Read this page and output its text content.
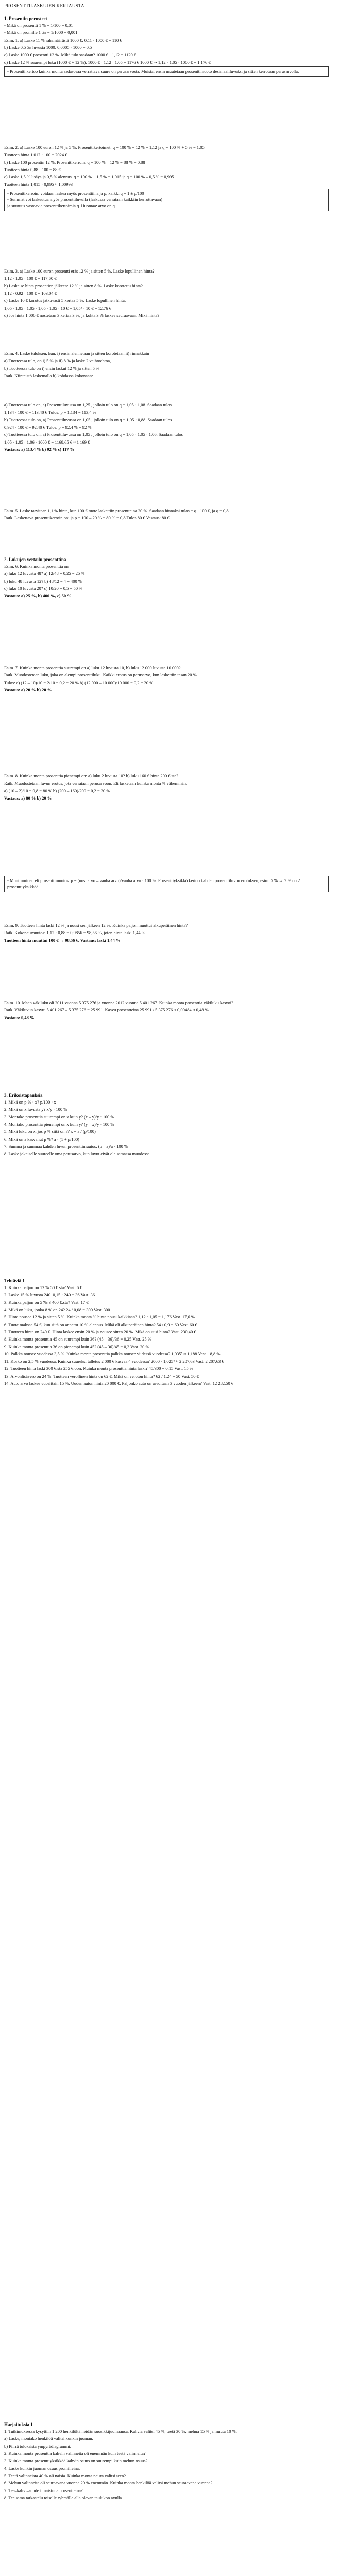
PROSENTTILASKUJEN KERTAUSTA
1. Prosentin perusteet
• Mikä on prosentti 1 % = 1/100 = 0,01
• Mikä on promille 1 ‰ = 1/1000 = 0,001
Esim. 1. a) Laske 11 % rahamäärästä 1000 €: 0,11 · 1000 € = 110 €
b) Laske 0,5 ‰ luvusta 1000: 0,0005 · 1000 = 0,5
c) Laske 1000 € prosentti 12 %. Mikä tulo saadaan? 1000 € · 1,12 = 1120 €
d) Laske 12 % suurempi luku (1000 € + 12 %). 1000 € · 1,12 · 1,05 = 1176 € 1000 € ⇒ 1,12 · 1,05 · 1000 € = 1 176 €
• Prosentti kertoo kuinka monta sadasosaa verrattava suure on perusarvosta. Muista: ensin muutetaan prosenttimuoto desimaaliluvuksi ja sitten kerrotaan perusarvolla.
Esim. 2. a) Laske 100 euron 12 % ja 5 %. Prosenttikertoimet: q = 100 % + 12 % = 1,12 ja q = 100 % + 5 % = 1,05
Tuotteen hinta 1 012 · 100 = 2024 €
b) Laske 100 prosentin 12 %. Prosenttikerroin: q = 100 % – 12 % = 88 % = 0,88
Tuotteen hinta 0,88 · 100 = 88 €
c) Laske 1,5 % lisäys ja 0,5 % alennus. q = 100 % + 1,5 % = 1,015 ja q = 100 % – 0,5 % = 0,995
Tuotteen hinta 1,015 · 0,995 ≈ 1,00993
• Prosenttikerroin: voidaan laskea myös prosenttiina ja p, kaikki q = 1 ± p/100
• Summat voi laskeutua myös prosenttiluvulla (laskussa verrataan kaikkiin kerrottavaan)
ja suuruus vastaavia prosenttikertoimia q. Huomaa: arvo on q.
Esim. 3. a) Laske 100 euron prosentti eräs 12 % ja sitten 5 %. Laske lopullinen hinta?
1,12 · 1,05 · 100 € = 117,60 €
b) Laske se hinta prosentien jälkeen: 12 % ja sitten 8 %. Laske korotettu hinta?
1,12 · 0,92 · 100 € = 103,04 €
c) Laske 10 € korotus jatkuvasti 5 kertaa 5 %. Laske lopullinen hinta:
1,05 · 1,05 · 1,05 · 1,05 · 1,05 · 10 € = 1,05⁵ · 10 € = 12,76 €
d) Jos hinta 1 000 € nostetaan 3 kertaa 3 %, ja kohta 3 % laskee seuraavaan. Mikä hinta?
Esim. 4. Laske tuloksen, kun: i) ensin alennetaan ja sitten korotetaan ii) rinnakkain
a) Tuotteessa tulo, on i) 5 % ja ii) 8 % ja laske 2 vaihtoehtoa,
b) Tuotteessa tulo on i) ensin laskut 12 % ja sitten 5 %
Ratk. Kiinteistö laskemalla b) kohdassa kokonaan:
a) Tuotteessa tulo on, a) Prosenttiluvussa on 1,25 , jolloin tulo on q = 1,05 · 1,08. Saadaan tulos
1,134 · 100 € = 113,40 € Tulos: p = 1,134 = 113,4 %
b) Tuotteessa tulo on, a) Prosenttiluvussa on 1,05 , jolloin tulo on q = 1,05 · 0,88. Saadaan tulos
0,924 · 100 € = 92,40 € Tulos: p = 92,4 % = 92 %
c) Tuotteessa tulo on, a) Prosenttiluvussa on 1,05 , jolloin tulo on q = 1,05 · 1,05 · 1,06. Saadaan tulos
1,05 · 1,05 · 1,06 · 1000 € = 1168,65 € ≈ 1 169 €
Vastaus: a) 113,4 % b) 92 % c) 117 %
Esim. 5. Laske tarvitaan 1,1 % hinta, kun 100 € tuote laskettiin prosentteina 20 %. Saadaan hinnaksi tulos = q · 100 €, ja q = 0,8
Ratk. Laskettava prosenttikerroin on: ja p = 100 – 20 % = 80 % = 0,8 Tulos 80 € Vastaus: 80 €
2. Lukujen vertailu prosenttina
Esim. 6. Kuinka monta prosenttia on
a) luku 12 luvusta 48? a) 12/48 = 0,25 = 25 %
b) luku 48 luvusta 12? b) 48/12 = 4 = 400 %
c) luku 10 luvusta 20? c) 10/20 = 0,5 = 50 %
Vastaus: a) 25 %, b) 400 %, c) 50 %
Esim. 7. Kuinka monta prosenttia suurempi on a) luku 12 luvusta 10, b) luku 12 000 luvusta 10 000?
Ratk. Muodostetaan luku, joka on alempi prosenttiluku. Kaikki erotus on perusarvo, kun laskettiin tasan 20 %.
Tulos: a) (12 – 10)/10 = 2/10 = 0,2 = 20 % b) (12 000 – 10 000)/10 000 = 0,2 = 20 %
Vastaus: a) 20 % b) 20 %
Esim. 8. Kuinka monta prosenttia pienempi on: a) luku 2 luvusta 10? b) luku 160 € hinta 200 €:sta?
Ratk. Muodostetaan luvun erotus, jota verrataan perusarvoon. Eli lasketaan kuinka monta % vähemmän.
a) (10 – 2)/10 = 0,8 = 80 % b) (200 – 160)/200 = 0,2 = 20 %
Vastaus: a) 80 % b) 20 %
• Muuttuminen eli prosenttimuutos: p = (uusi arvo – vanha arvo)/vanha arvo · 100 %. Prosenttiyksikkö kertoo kahden prosenttiluvun erotuksen, esim. 5 % → 7 % on 2 prosenttiyksikköä.
Esim. 9. Tuotteen hinta laski 12 % ja nousi sen jälkeen 12 %. Kuinka paljon muuttui alkuperäinen hinta?
Ratk. Kokonaismuutos: 1,12 · 0,88 = 0,9856 = 98,56 %, joten hinta laski 1,44 %.
Tuotteen hinta muuttui 100 € → 98,56 €. Vastaus: laski 1,44 %
Esim. 10. Maan väkiluku oli 2011 vuonna 5 375 276 ja vuonna 2012 vuonna 5 401 267. Kuinka monta prosenttia väkiluku kasvoi?
Ratk. Väkiluvun kasvu: 5 401 267 – 5 375 276 = 25 991. Kasvu prosentteina 25 991 / 5 375 276 ≈ 0,00484 ≈ 0,48 %.
Vastaus: 0,48 %
3. Erikoistapauksia
1. Mikä on p % · x? p/100 · x
2. Mikä on x luvusta y? x/y · 100 %
3. Montako prosenttia suurempi on x kuin y? (x – y)/y · 100 %
4. Montako prosenttia pienempi on x kuin y? (y – x)/y · 100 %
5. Mikä luku on x, jos p % siitä on a? x = a / (p/100)
6. Mikä on a kasvanut p %? a · (1 + p/100)
7. Summa ja summaa kahden luvun prosenttimuutos: (b – a)/a · 100 %
8. Laske jokaiselle suureelle oma perusarvo, kun luvut eivät ole samassa muodossa.
Tehtäviä 1
1. Kuinka paljon on 12 % 50 €:sta? Vast. 6 €
2. Laske 15 % luvusta 240. 0,15 · 240 = 36 Vast. 36
3. Kuinka paljon on 5 ‰ 3 400 €:sta? Vast. 17 €
4. Mikä on luku, jonka 8 % on 24? 24 / 0,08 = 300 Vast. 300
5. Hinta nousee 12 % ja sitten 5 %. Kuinka monta % hinta nousi kaikkiaan? 1,12 · 1,05 = 1,176 Vast. 17,6 %
6. Tuote maksaa 54 €, kun siitä on annettu 10 % alennus. Mikä oli alkuperäinen hinta? 54 / 0,9 = 60 Vast. 60 €
7. Tuotteen hinta on 240 €. Hinta laskee ensin 20 % ja nousee sitten 20 %. Mikä on uusi hinta? Vast. 230,40 €
8. Kuinka monta prosenttia 45 on suurempi kuin 36? (45 – 36)/36 = 0,25 Vast. 25 %
9. Kuinka monta prosenttia 36 on pienempi kuin 45? (45 – 36)/45 = 0,2 Vast. 20 %
10. Palkka nousee vuodessa 3,5 %. Kuinka monta prosenttia palkka nousee viidessä vuodessa? 1,035⁵ ≈ 1,188 Vast. 18,8 %
11. Korko on 2,5 % vuodessa. Kuinka suureksi talletus 2 000 € kasvaa 4 vuodessa? 2000 · 1,025⁴ ≈ 2 207,63 Vast. 2 207,63 €
12. Tuotteen hinta laski 300 €:sta 255 €:oon. Kuinka monta prosenttia hinta laski? 45/300 = 0,15 Vast. 15 %
13. Arvonlisävero on 24 %. Tuotteen verollinen hinta on 62 €. Mikä on veroton hinta? 62 / 1,24 = 50 Vast. 50 €
14. Auto arvo laskee vuosittain 15 %. Uuden auton hinta 20 000 €. Paljonko auto on arvoltaan 3 vuoden jälkeen? Vast. 12 282,50 €
Harjoituksia 1
1. Tutkimuksessa kysyttiin 1 200 henkilöltä heidän suosikkijuomaansa. Kahvia valitsi 45 %, teetä 30 %, mehua 15 % ja muuta 10 %.
a) Laske, montako henkilöä valitsi kunkin juoman.
b) Piirrä tuloksista ympyrädiagrammi.
2. Kuinka monta prosenttia kahvin valinneita oli enemmän kuin teetä valinneita?
3. Kuinka monta prosenttiyksikköä kahvin osuus on suurempi kuin mehun osuus?
4. Laske kunkin juoman osuus promilleina.
5. Teetä valinneista 40 % oli naisia. Kuinka monta naista valitsi teen?
6. Mehun valinneita oli seuraavana vuonna 20 % enemmän. Kuinka monta henkilöä valitsi mehun seuraavana vuonna?
7. Tee–kahvi–suhde ilmaistuna prosentteina?
8. Tee sama tarkastelu toiselle ryhmälle alla olevan taulukon avulla.
